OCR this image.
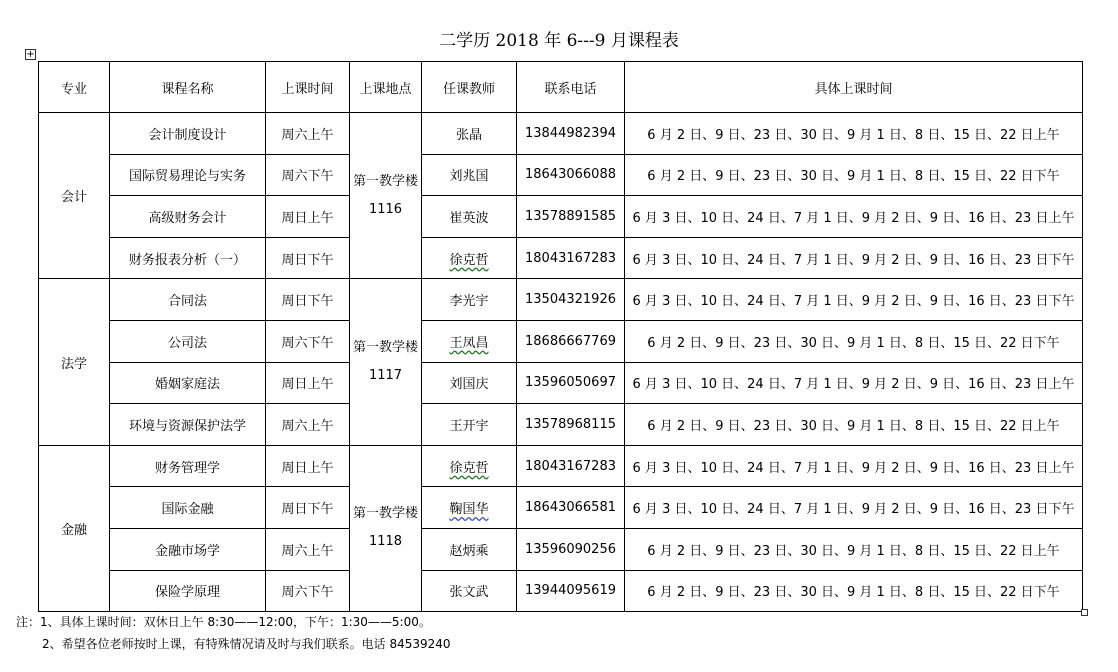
二学历 2018 年 6---9 月课程表
+
专业	课程名称	上课时间	上课地点	任课教师	联系电话	具体上课时间
会计	会计制度设计	周六上午	第一教学楼 1116	张晶	13844982394	6 月 2 日、9 日、23 日、30 日、9 月 1 日、8 日、15 日、22 日上午
	国际贸易理论与实务	周六下午		刘兆国	18643066088	6 月 2 日、9 日、23 日、30 日、9 月 1 日、8 日、15 日、22 日下午
	高级财务会计	周日上午		崔英波	13578891585	6 月 3 日、10 日、24 日、7 月 1 日、9 月 2 日、9 日、16 日、23 日上午
	财务报表分析（一）	周日下午		徐克哲	18043167283	6 月 3 日、10 日、24 日、7 月 1 日、9 月 2 日、9 日、16 日、23 日下午
法学	合同法	周日下午	第一教学楼 1117	李光宇	13504321926	6 月 3 日、10 日、24 日、7 月 1 日、9 月 2 日、9 日、16 日、23 日下午
	公司法	周六下午		王凤昌	18686667769	6 月 2 日、9 日、23 日、30 日、9 月 1 日、8 日、15 日、22 日下午
	婚姻家庭法	周日上午		刘国庆	13596050697	6 月 3 日、10 日、24 日、7 月 1 日、9 月 2 日、9 日、16 日、23 日上午
	环境与资源保护法学	周六上午		王开宇	13578968115	6 月 2 日、9 日、23 日、30 日、9 月 1 日、8 日、15 日、22 日上午
金融	财务管理学	周日上午	第一教学楼 1118	徐克哲	18043167283	6 月 3 日、10 日、24 日、7 月 1 日、9 月 2 日、9 日、16 日、23 日上午
	国际金融	周日下午		鞠国华	18643066581	6 月 3 日、10 日、24 日、7 月 1 日、9 月 2 日、9 日、16 日、23 日下午
	金融市场学	周六上午		赵炳乘	13596090256	6 月 2 日、9 日、23 日、30 日、9 月 1 日、8 日、15 日、22 日上午
	保险学原理	周六下午		张文武	13944095619	6 月 2 日、9 日、23 日、30 日、9 月 1 日、8 日、15 日、22 日下午
注：1、具体上课时间：双休日上午 8:30——12:00，下午：1:30——5:00。
2、希望各位老师按时上课，有特殊情况请及时与我们联系。电话 84539240
